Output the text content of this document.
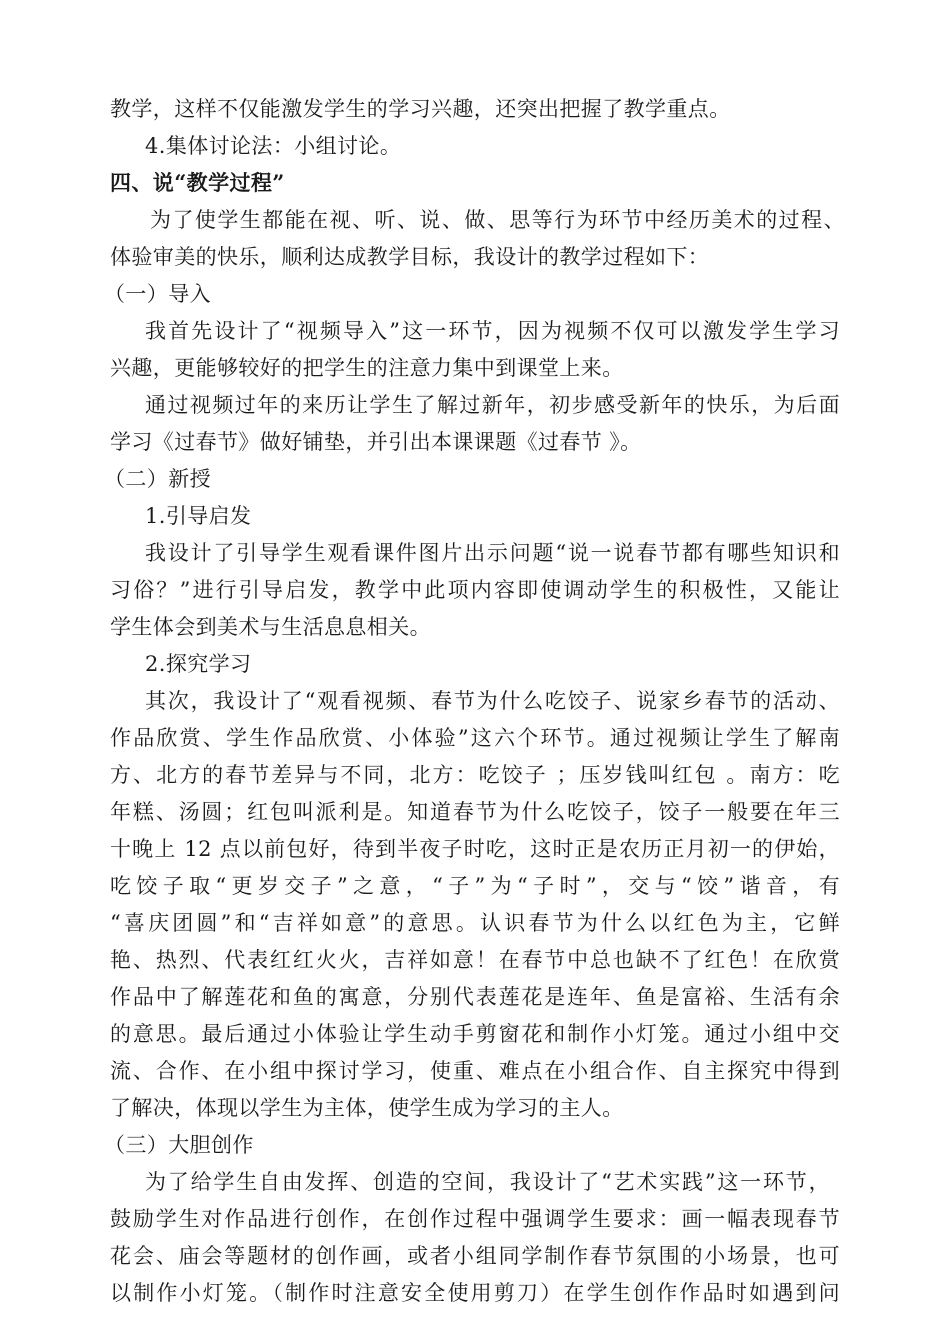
教学，这样不仅能激发学生的学习兴趣，还突出把握了教学重点。
4.集体讨论法：小组讨论。
四、说“教学过程”
为了使学生都能在视、听、说、做、思等行为环节中经历美术的过程、
体验审美的快乐，顺利达成教学目标，我设计的教学过程如下：
（一）导入
我首先设计了“视频导入”这一环节，因为视频不仅可以激发学生学习
兴趣，更能够较好的把学生的注意力集中到课堂上来。
通过视频过年的来历让学生了解过新年，初步感受新年的快乐，为后面
学习《过春节》做好铺垫，并引出本课课题《过春节 》。
（二）新授
1.引导启发
我设计了引导学生观看课件图片出示问题“说一说春节都有哪些知识和
习俗？”进行引导启发，教学中此项内容即使调动学生的积极性，又能让
学生体会到美术与生活息息相关。
2.探究学习
其次，我设计了“观看视频、春节为什么吃饺子、说家乡春节的活动、
作品欣赏、学生作品欣赏、小体验”这六个环节。通过视频让学生了解南
方、北方的春节差异与不同，北方：吃饺子 ；压岁钱叫红包 。南方：吃
年糕、汤圆；红包叫派利是。知道春节为什么吃饺子，饺子一般要在年三
十晚上 12 点以前包好，待到半夜子时吃，这时正是农历正月初一的伊始，
吃饺子取“更岁交子”之意，“子”为“子时”，交与“饺”谐音，有
“喜庆团圆”和“吉祥如意”的意思。认识春节为什么以红色为主，它鲜
艳、热烈、代表红红火火，吉祥如意！在春节中总也缺不了红色！在欣赏
作品中了解莲花和鱼的寓意，分别代表莲花是连年、鱼是富裕、生活有余
的意思。最后通过小体验让学生动手剪窗花和制作小灯笼。通过小组中交
流、合作、在小组中探讨学习，使重、难点在小组合作、自主探究中得到
了解决，体现以学生为主体，使学生成为学习的主人。
（三）大胆创作
为了给学生自由发挥、创造的空间，我设计了“艺术实践”这一环节，
鼓励学生对作品进行创作，在创作过程中强调学生要求：画一幅表现春节
花会、庙会等题材的创作画，或者小组同学制作春节氛围的小场景，也可
以制作小灯笼。（制作时注意安全使用剪刀）在学生创作作品时如遇到问
